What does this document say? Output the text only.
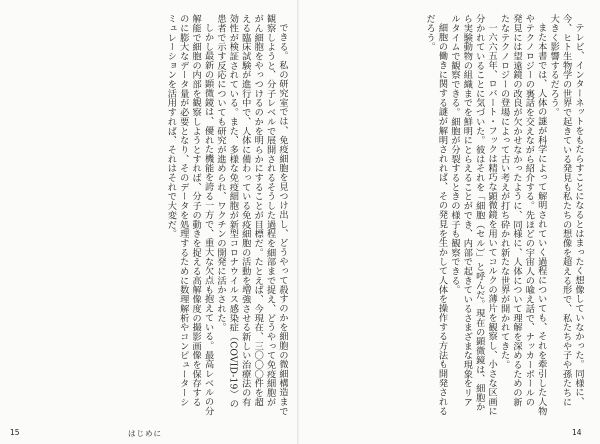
できる。私の研究室では、免疫細胞を見つけ出し、どうやって殺すのかを細胞の微細構造まで観察しようと、分子レベルで展開されるそうした過程を細部まで捉え、どうやって免疫細胞ががん細胞をやっつけるのかを明らかにすることが目標だ。たとえば、今現在、三〇〇〇件を超える臨床試験が進行中で、人体に備わっている免疫細胞の活動を増強させる新しい治療法の有効性が検証されている。また、多様な免疫細胞が新型コロナウイルス感染症（COVID-19）の患者で示す反応についても研究が進められ、ワクチンの開発に活かされた。

しかし最新の顕微鏡は、優れた機能を誇る一方で、重大な欠点も抱えている。最高レベルの分解能で細胞の内部を観察しようとすれば、分子の動きを捉える高解像度の撮影画像を保存するのに膨大なデータ量が必要となり、そのデータを処理するために数理解析やコンピューターシミュレーションを活用すれば、それはそれで大変だ。	テレビ、インターネットをもたらすことになるとはまったく想像していなかった。同様に、今、ヒト生物学の世界で起きている発見も私たちの想像を超える形で、私たちや子や孫たちに大きく影響するだろう。

また本書では、人体の謎が科学によって解明されていく過程についても、それを牽引した人物やテクノロジーの裏話を交えながら紹介する。先ほどの宇宙人の喩え話で、ナッカーボールの発見には望遠鏡の改良が欠かせなかったように、同様に、人体について理解を深めるための新たなテクノロジーの登場によって古い考えが打ち砕かれ新たな世界が開かれてきた。

一六六五年、ロバート・フックは精巧な顕微鏡を用いてコルクの薄片を観察し、小さな区画に分かれていることに気づいた。彼はそれを「細胞（セル）」と呼んだ。現在の顕微鏡は、細胞から実験動物の組織までを鮮明にとらえることができ、内部で起きているさまざまな現象をリアルタイムで観察できる。細胞が分裂するときの様子も観察できる。

細胞の働きに関する謎が解明されれば、その発見を生かして人体を操作する方法も開発されるだろう。

15	はじめに	14
